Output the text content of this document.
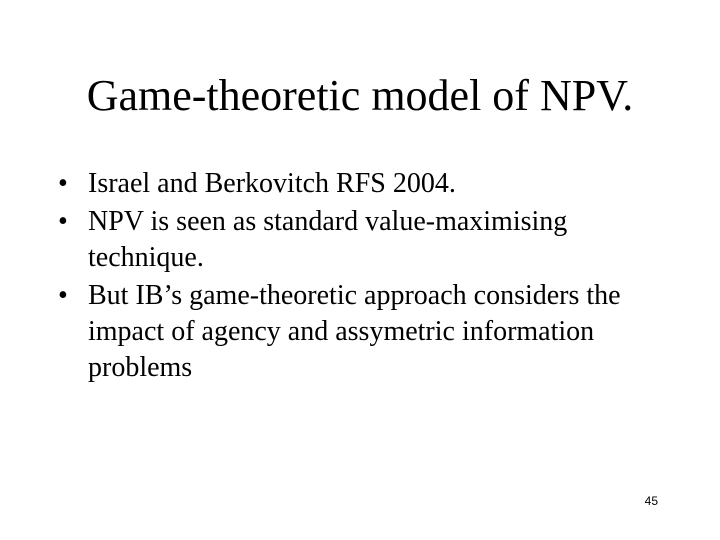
Game-theoretic model of NPV.
• Israel and Berkovitch RFS 2004.
• NPV is seen as standard value-maximising technique.
• But IB’s game-theoretic approach considers the impact of agency and assymetric information problems
45
